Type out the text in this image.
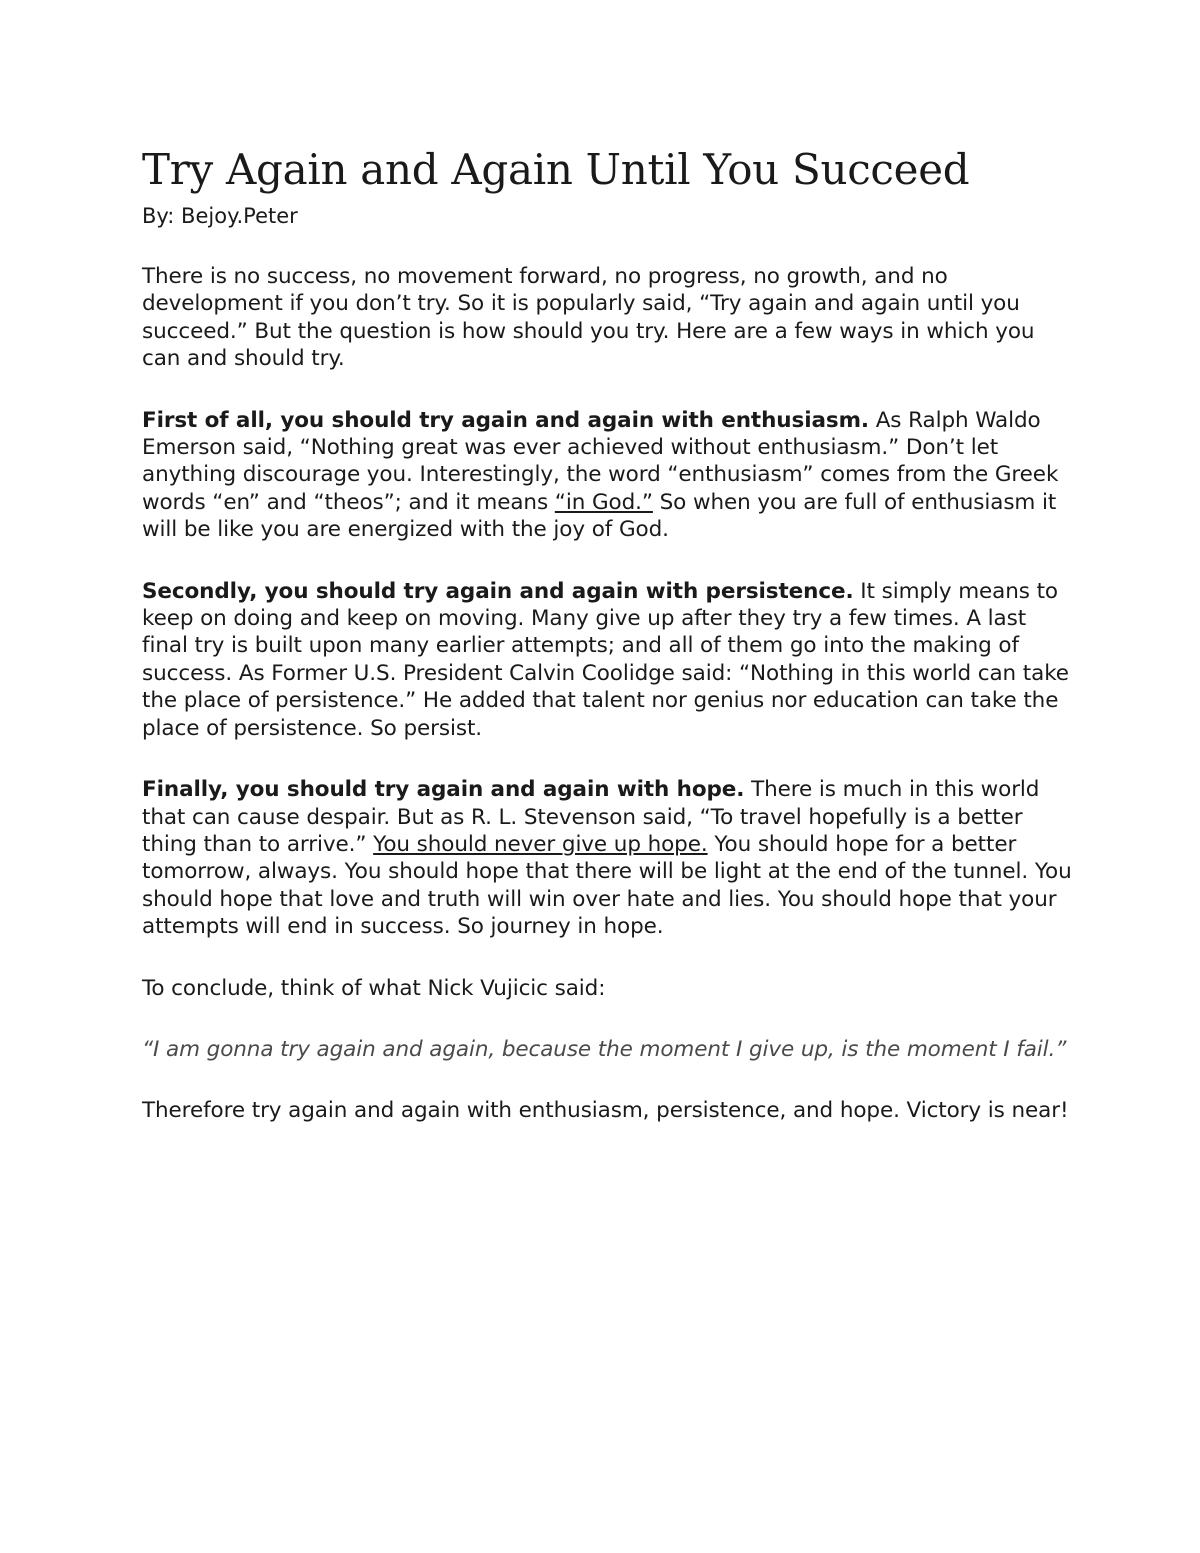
Try Again and Again Until You Succeed

By: Bejoy.Peter

There is no success, no movement forward, no progress, no growth, and no development if you don’t try. So it is popularly said, “Try again and again until you succeed.” But the question is how should you try. Here are a few ways in which you can and should try.

First of all, you should try again and again with enthusiasm. As Ralph Waldo Emerson said, “Nothing great was ever achieved without enthusiasm.” Don’t let anything discourage you. Interestingly, the word “enthusiasm” comes from the Greek words “en” and “theos”; and it means “in God.” So when you are full of enthusiasm it will be like you are energized with the joy of God.

Secondly, you should try again and again with persistence. It simply means to keep on doing and keep on moving. Many give up after they try a few times. A last final try is built upon many earlier attempts; and all of them go into the making of success. As Former U.S. President Calvin Coolidge said: “Nothing in this world can take the place of persistence.” He added that talent nor genius nor education can take the place of persistence. So persist.

Finally, you should try again and again with hope. There is much in this world that can cause despair. But as R. L. Stevenson said, “To travel hopefully is a better thing than to arrive.” You should never give up hope. You should hope for a better tomorrow, always. You should hope that there will be light at the end of the tunnel. You should hope that love and truth will win over hate and lies. You should hope that your attempts will end in success. So journey in hope.

To conclude, think of what Nick Vujicic said:

“I am gonna try again and again, because the moment I give up, is the moment I fail.”

Therefore try again and again with enthusiasm, persistence, and hope. Victory is near!
